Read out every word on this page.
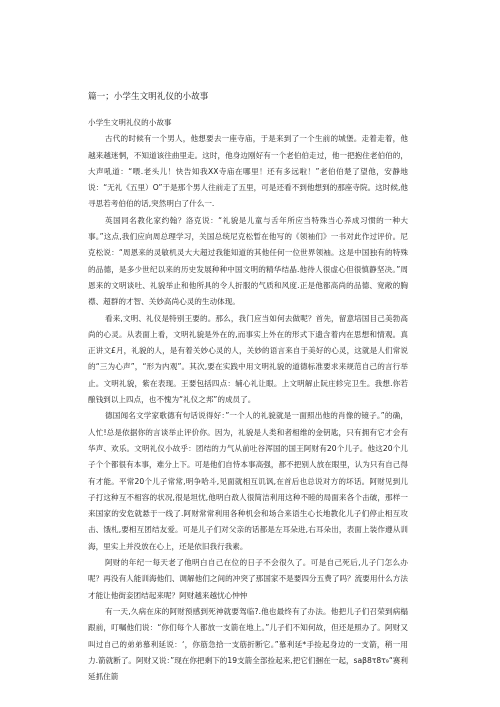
篇一；小学生文明礼仪的小故事

小学生文明礼仪的小故事

古代的时候有一个男人，他想要去一座寺庙，于是来到了一个生前的城堡。走着走着，他越来越迷惘，不知道该往曲里走。这时，他身边刚好有一个老伯伯走过，他一把抱住老伯伯的，大声吼道：“喂.老头儿！快告知我XX寺庙在哪里！还有多远啦！”老伯伯楚了望他，安静地说：“无礼《五里）O”于是那个男人往前走了五里，可是还看不到他想到的那座寺院。这时候,他寻思若考伯伯的话,突然明白了什么一.

英国同名教化家约翰？洛克说：“礼貌是儿童与舌年所应当特殊当心养成习惯的一种大事。”这点,我们应向周总理学习，关国总统尼克松暂在他写的《领袖们》一书对此作过评价。尼克松说：“周恩来的灵敏机灵大大超过我能知道的其他任何一位世界领袖。这是中国独有的特殊的品德，是多少世纪以来的历史发展种种中国文明的精华结晶.他待人很虚心但很慎静坚决。”周恩来的文明谈吐、礼貌举止和他所具的令人折服的气质和风度.正是他都高尚的品德、宽敞的胸襟、超群的才智、关妙高尚心灵的生动体现。

看来,文明、礼仪是特别王要的。那么，我门应当如何去做呢？首先，留意培国目己美勃高尚的心灵。从表面上看，文明礼貌是外在的,而事实上外在的形式下遗含着内在思想和情观。真正讲文£月，礼貌的人，是有着关妙心灵的人，关妙的语言来自于美好的心灵，这就是人们常说的“三为心声”，“形为内观”。其次,要在实践中用文明礼貌的道德标准要求来规范自己的言行举止。文明礼貌，紫在表现。王要包括四点：辅心礼让眼。上文明解止阮庄轸完卫生。我想.你若酿钱到以上四点，也不愧为“礼仪之邦”的成员了。

德国闻名文学家歌德有句话说得好：”一个人的礼貌就是一面照出他的肖像的镜子。”的确，人忙!总是依据你的言谈举止评价你。因为，礼貌是人类和者相维的金钥匙，只有拥有它才会有华声、欢乐。文明礼仪小故乎：团结的力气从前吐谷浑国的国王阿财有20个儿子。他这20个儿子个个都很有本事，难分上下。可是他们自恃本事高强，都不把别人放在眼里，认为只有自己得有才能。平常20个儿子常常,明争哈斗,见面就相互讥讽,在首后也总说对方的坏话。阿财见到儿子打这种互不相容的状况,很是坦忧,他明白敌人很简洁利用这种不睦的局面来各个击破，那样一来国家的安危就悬于一线了.阿财常常利用各种机会和场合来语生心长地教化儿子们停止相互攻击、饿札,要相互团结友爱。可是儿子们对父亲的话都是左耳朵进,右耳朵出，表面上装作遵从训海，里实上并没放在心上，还是依旧我行我素。

阿财的年纪一每天老了他明白自己在位的日子不会很久了。可是自己死后,儿子门怎么办呢？再没有人能训海他们、调解他们之间的冲突了那国家不是要四分五费了吗？流要用什么方法才能让他街妾团结起来呢？阿财越来越忧心忡忡

有一天,久病在床的阿财预感到死神就要驾临?.他也最终有了办法。他把儿子们召荣到病榻跟前，叮嘱他们说：“你们每个人都放一支箭在地上。”儿子们不知何故，但还是照办了。阿财又叫过自己的弟弟慕利延说：‘，你筋急拾一支筋折断它。”慕利延*手捡起身边的一支箭，稍一用力.箭就断了。阿财又说：”现在你把剩下的19支箭全部捡起来,把它们捆在一起，saβ8τ8τ₉“赛利延抓住箭
